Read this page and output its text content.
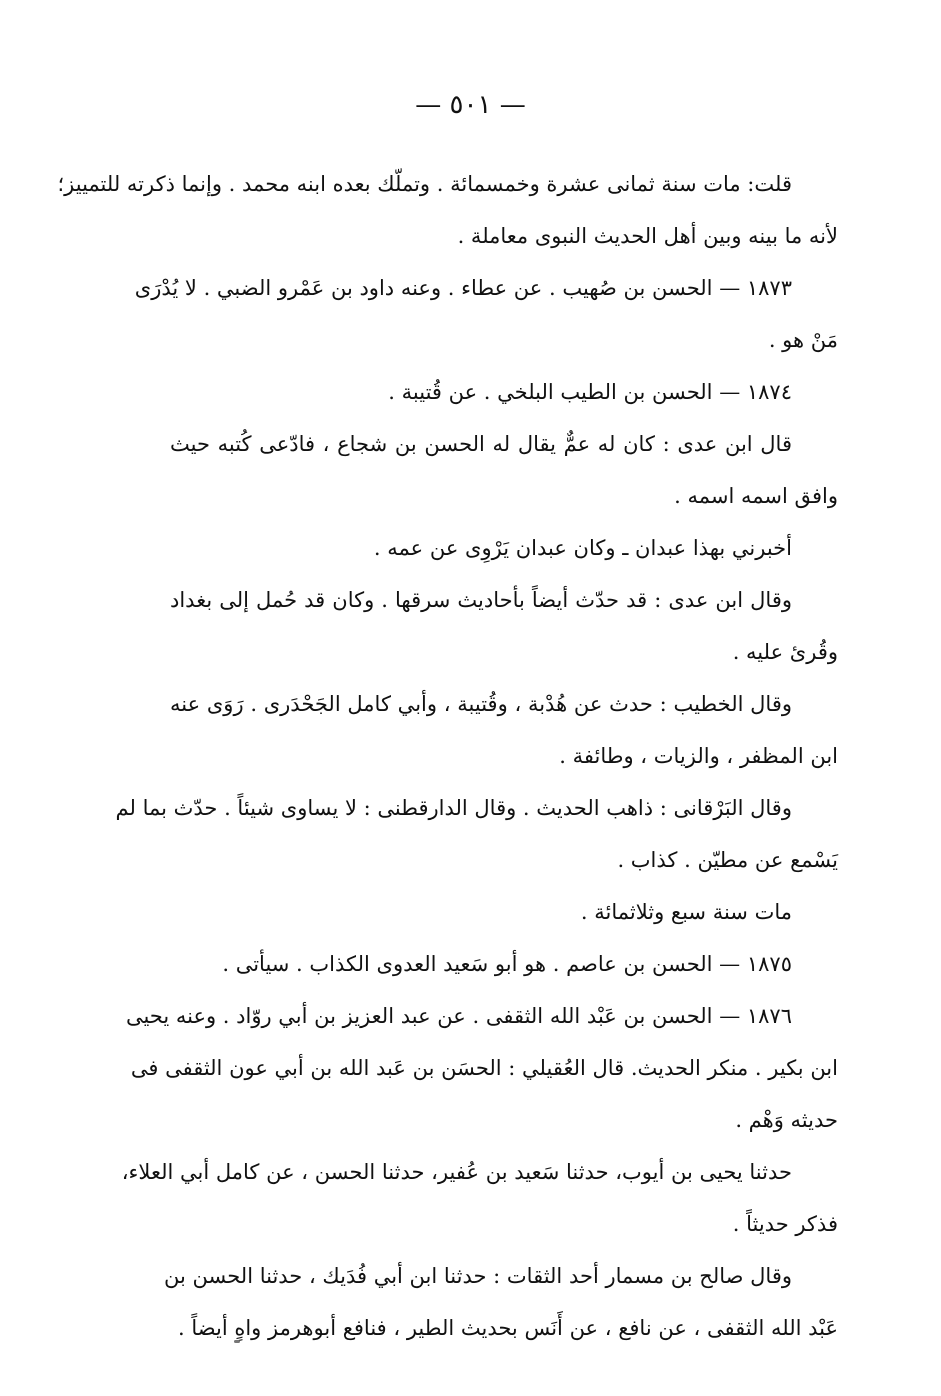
— ٥٠١ —
قلت: مات سنة ثمانى عشرة وخمسمائة . وتملّك بعده ابنه محمد . وإنما ذكرته للتمييز؛
لأنه ما بينه وبين أهل الحديث النبوى معاملة .
١٨٧٣ — الحسن بن صُهيب . عن عطاء . وعنه داود بن عَمْرو الضبي . لا يُدْرَى
مَنْ هو .
١٨٧٤ — الحسن بن الطيب البلخي . عن قُتيبة .
قال ابن عدى : كان له عمٌّ يقال له الحسن بن شجاع ، فادّعى كُتبه حيث
وافق اسمه اسمه .
أخبرني بهذا عبدان ـ وكان عبدان يَرْوِى عن عمه .
وقال ابن عدى : قد حدّث أيضاً بأحاديث سرقها . وكان قد حُمل إلى بغداد
وقُرئ عليه .
وقال الخطيب : حدث عن هُدْبة ، وقُتيبة ، وأبي كامل الجَحْدَرى . رَوَى عنه
ابن المظفر ، والزيات ، وطائفة .
وقال البَرْقانى : ذاهب الحديث . وقال الدارقطنى : لا يساوى شيئاً . حدّث بما لم
يَسْمع عن مطيّن . كذاب .
مات سنة سبع وثلاثمائة .
١٨٧٥ — الحسن بن عاصم . هو أبو سَعيد العدوى الكذاب . سيأتى .
١٨٧٦ — الحسن بن عَبْد الله الثقفى . عن عبد العزيز بن أبي روّاد . وعنه يحيى
ابن بكير . منكر الحديث. قال العُقيلي : الحسَن بن عَبد الله بن أبي عون الثقفى فى
حديثه وَهْم .
حدثنا يحيى بن أيوب، حدثنا سَعيد بن عُفير، حدثنا الحسن ، عن كامل أبي العلاء،
فذكر حديثاً .
وقال صالح بن مسمار أحد الثقات : حدثنا ابن أبي فُدَيك ، حدثنا الحسن بن
عَبْد الله الثقفى ، عن نافع ، عن أَنَس بحديث الطير ، فنافع أبوهرمز واهٍ أيضاً .
